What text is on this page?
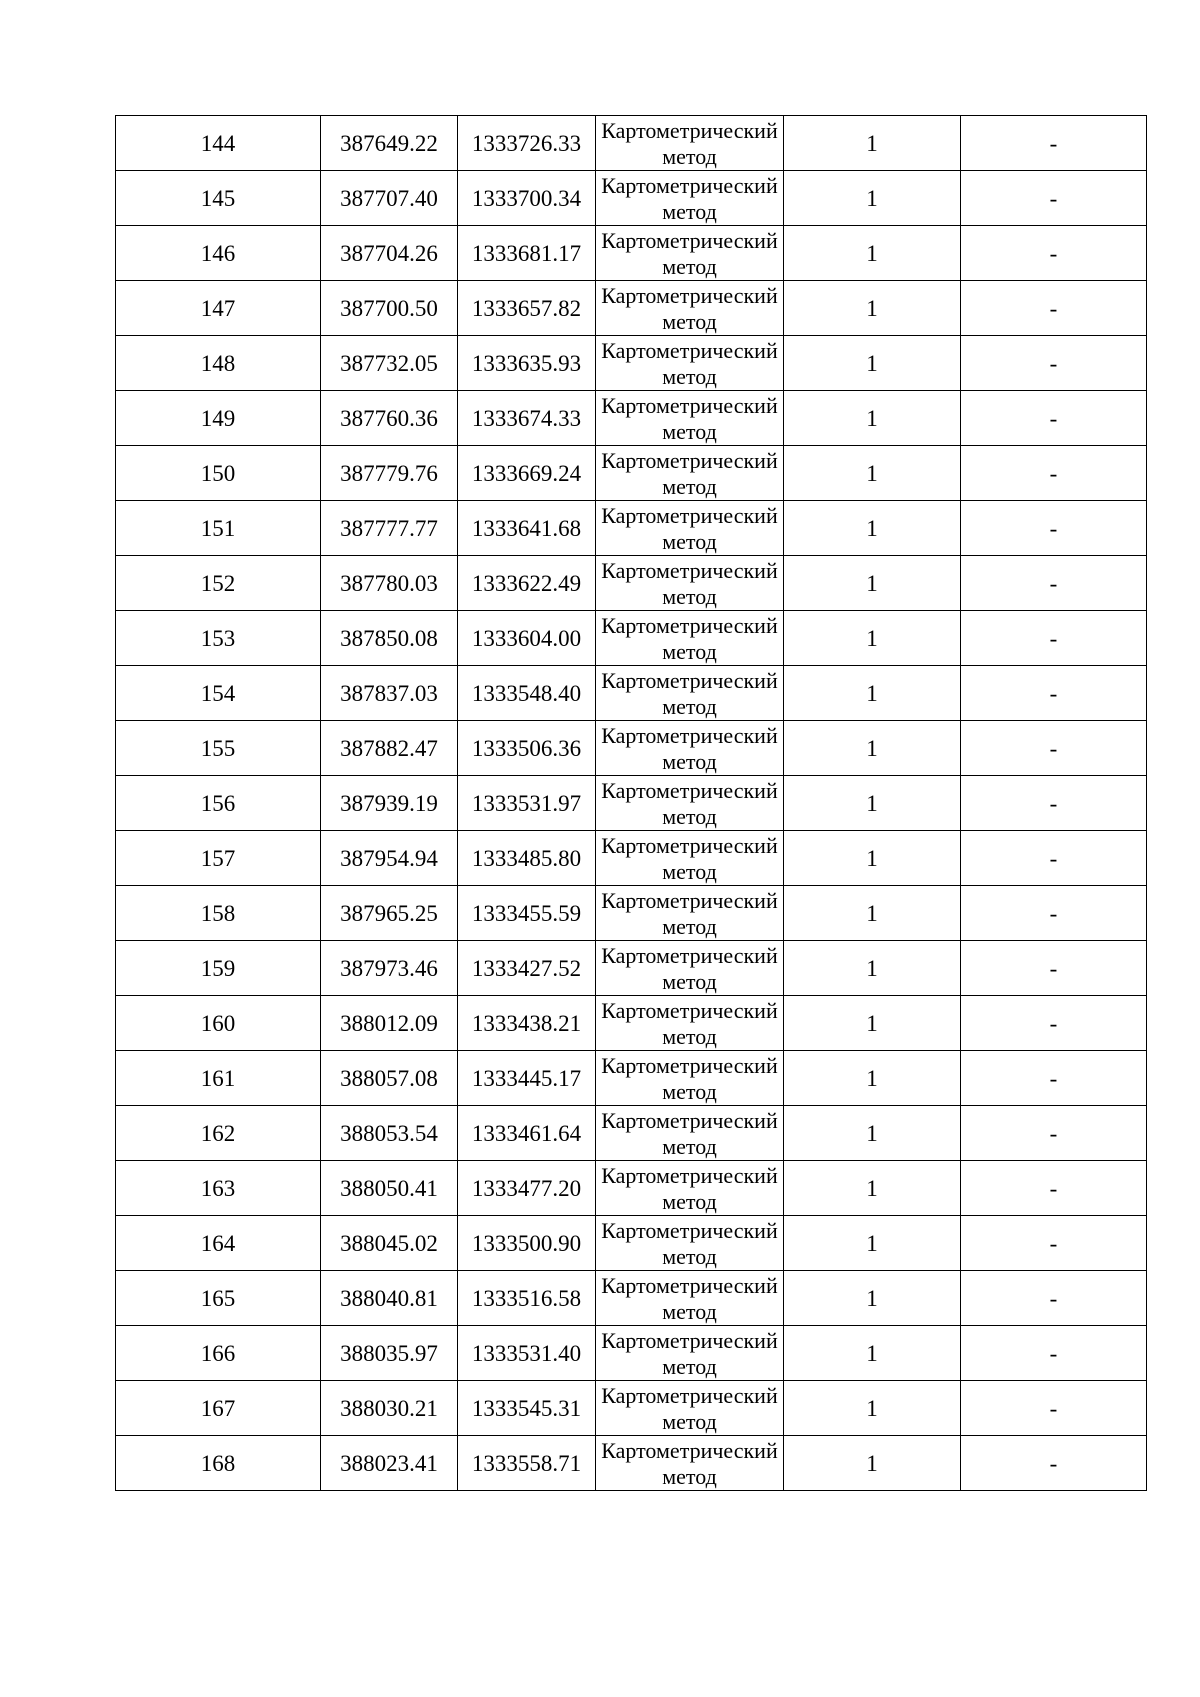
144	387649.22	1333726.33	Картометрический метод	1	-
145	387707.40	1333700.34	Картометрический метод	1	-
146	387704.26	1333681.17	Картометрический метод	1	-
147	387700.50	1333657.82	Картометрический метод	1	-
148	387732.05	1333635.93	Картометрический метод	1	-
149	387760.36	1333674.33	Картометрический метод	1	-
150	387779.76	1333669.24	Картометрический метод	1	-
151	387777.77	1333641.68	Картометрический метод	1	-
152	387780.03	1333622.49	Картометрический метод	1	-
153	387850.08	1333604.00	Картометрический метод	1	-
154	387837.03	1333548.40	Картометрический метод	1	-
155	387882.47	1333506.36	Картометрический метод	1	-
156	387939.19	1333531.97	Картометрический метод	1	-
157	387954.94	1333485.80	Картометрический метод	1	-
158	387965.25	1333455.59	Картометрический метод	1	-
159	387973.46	1333427.52	Картометрический метод	1	-
160	388012.09	1333438.21	Картометрический метод	1	-
161	388057.08	1333445.17	Картометрический метод	1	-
162	388053.54	1333461.64	Картометрический метод	1	-
163	388050.41	1333477.20	Картометрический метод	1	-
164	388045.02	1333500.90	Картометрический метод	1	-
165	388040.81	1333516.58	Картометрический метод	1	-
166	388035.97	1333531.40	Картометрический метод	1	-
167	388030.21	1333545.31	Картометрический метод	1	-
168	388023.41	1333558.71	Картометрический метод	1	-
